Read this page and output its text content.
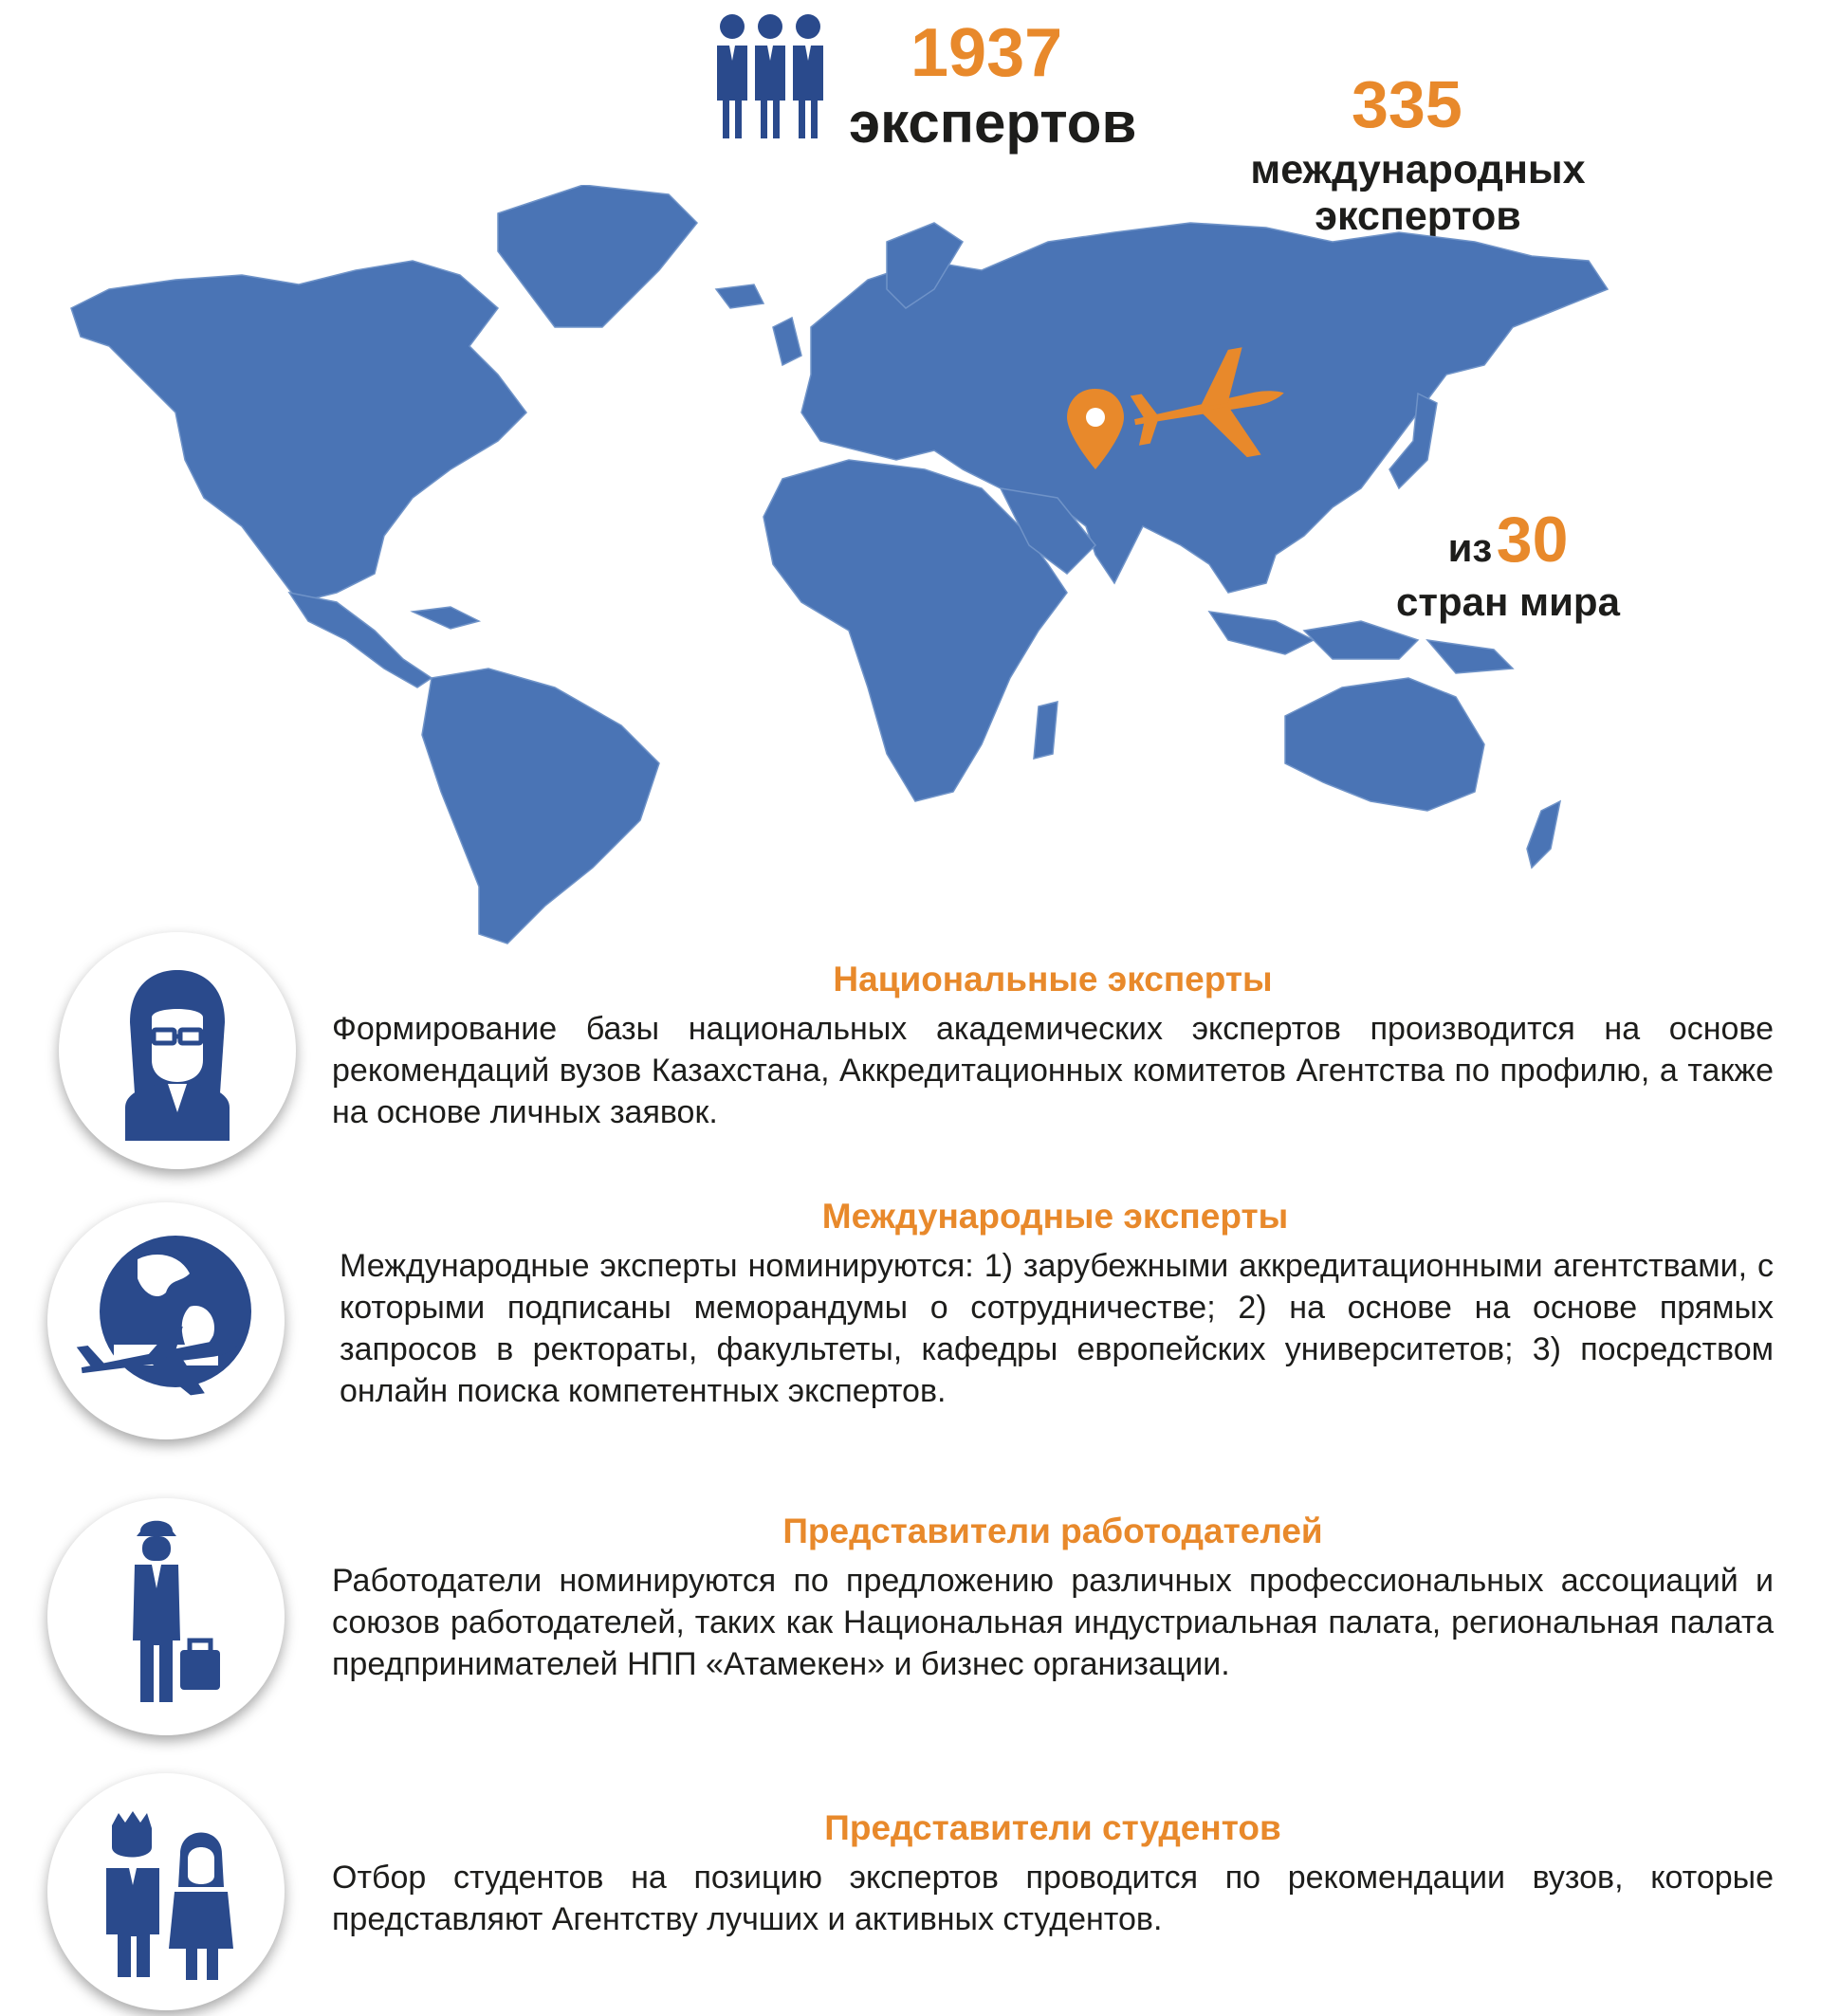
1937
экспертов	335
международных
экспертов
из 30
стран мира
Национальные эксперты
Формирование базы национальных академических экспертов производится на основе рекомендаций вузов Казахстана, Аккредитационных комитетов Агентства по профилю, а также на основе личных заявок.
Международные эксперты
Международные эксперты номинируются: 1) зарубежными аккредитационными агентствами, с которыми подписаны меморандумы о сотрудничестве; 2) на основе на основе прямых запросов в ректораты, факультеты, кафедры европейских университетов; 3) посредством онлайн поиска компетентных экспертов.
Представители работодателей
Работодатели номинируются по предложению различных профессиональных ассоциаций и союзов работодателей, таких как Национальная индустриальная палата, региональная палата предпринимателей НПП «Атамекен» и бизнес организации.
Представители студентов
Отбор студентов на позицию экспертов проводится по рекомендации вузов, которые представляют Агентству лучших и активных студентов.
